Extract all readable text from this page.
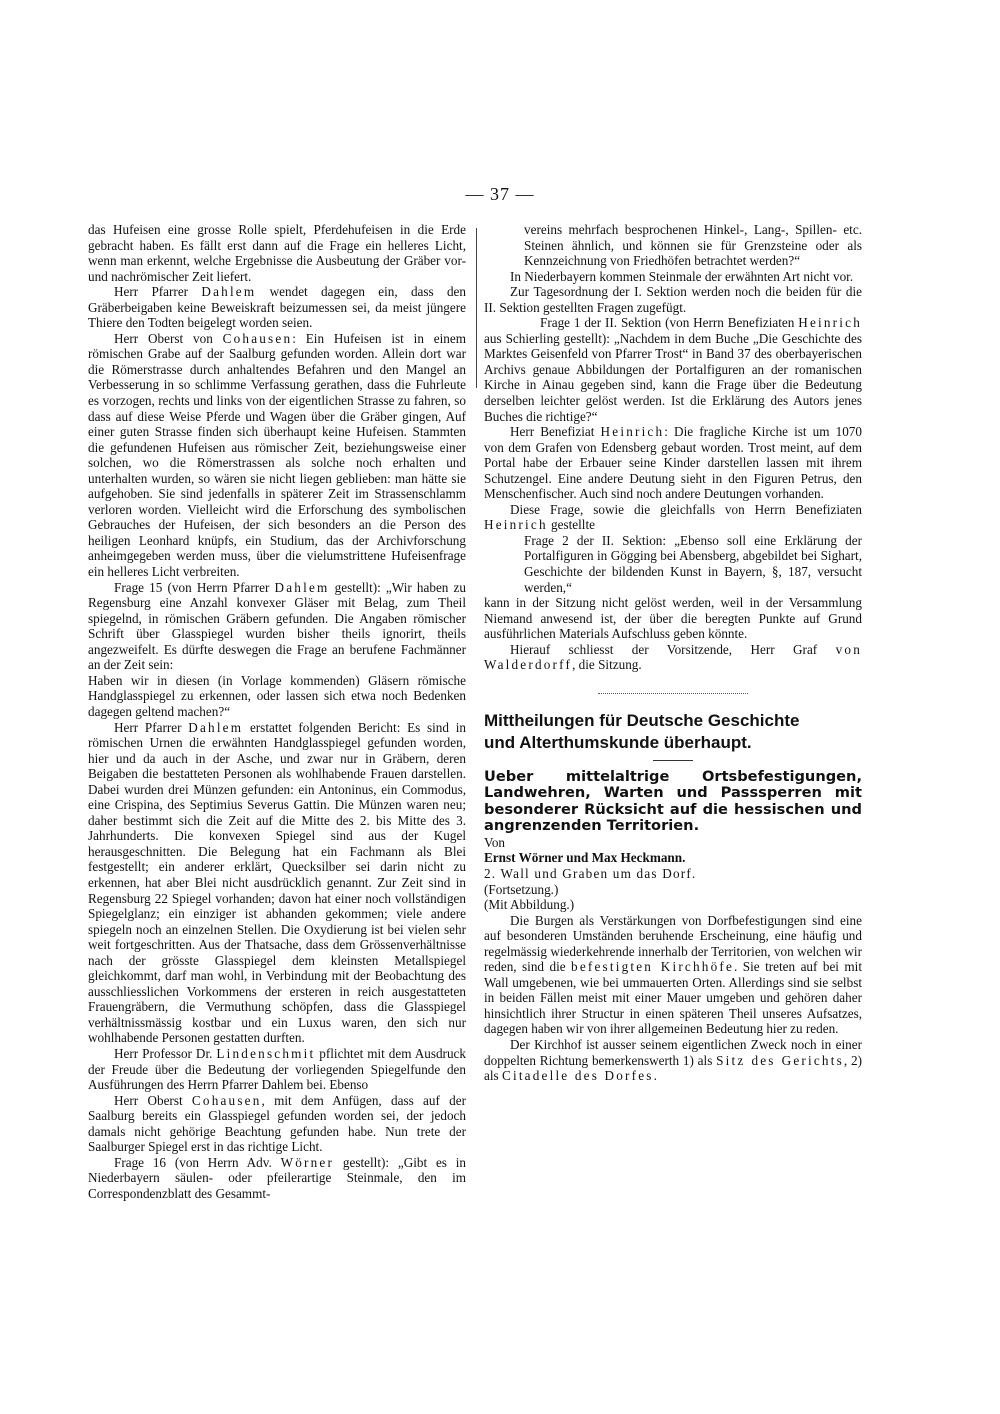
— 37 —

das Hufeisen eine grosse Rolle spielt, Pferdehufeisen in die Erde gebracht haben. Es fällt erst dann auf die Frage ein helleres Licht, wenn man erkennt, welche Ergebnisse die Ausbeutung der Gräber vor- und nachrömischer Zeit liefert.

Herr Pfarrer Dahlem wendet dagegen ein, dass den Gräberbeigaben keine Beweiskraft beizumessen sei, da meist jüngere Thiere den Todten beigelegt worden seien.

Herr Oberst von Cohausen: Ein Hufeisen ist in einem römischen Grabe auf der Saalburg gefunden worden. Allein dort war die Römerstrasse durch anhaltendes Befahren und den Mangel an Verbesserung in so schlimme Verfassung gerathen, dass die Fuhrleute es vorzogen, rechts und links von der eigentlichen Strasse zu fahren, so dass auf diese Weise Pferde und Wagen über die Gräber gingen, Auf einer guten Strasse finden sich überhaupt keine Hufeisen. Stammten die gefundenen Hufeisen aus römischer Zeit, beziehungsweise einer solchen, wo die Römerstrassen als solche noch erhalten und unterhalten wurden, so wären sie nicht liegen geblieben: man hätte sie aufgehoben. Sie sind jedenfalls in späterer Zeit im Strassenschlamm verloren worden. Vielleicht wird die Erforschung des symbolischen Gebrauches der Hufeisen, der sich besonders an die Person des heiligen Leonhard knüpfs, ein Studium, das der Archivforschung anheimgegeben werden muss, über die vielumstrittene Hufeisenfrage ein helleres Licht verbreiten.

Frage 15 (von Herrn Pfarrer Dahlem gestellt): „Wir haben zu Regensburg eine Anzahl konvexer Gläser mit Belag, zum Theil spiegelnd, in römischen Gräbern gefunden. Die Angaben römischer Schrift über Glasspiegel wurden bisher theils ignorirt, theils angezweifelt. Es dürfte deswegen die Frage an berufene Fachmänner an der Zeit sein:

Haben wir in diesen (in Vorlage kommenden) Gläsern römische Handglasspiegel zu erkennen, oder lassen sich etwa noch Bedenken dagegen geltend machen?“

Herr Pfarrer Dahlem erstattet folgenden Bericht: Es sind in römischen Urnen die erwähnten Handglasspiegel gefunden worden, hier und da auch in der Asche, und zwar nur in Gräbern, deren Beigaben die bestatteten Personen als wohlhabende Frauen darstellen. Dabei wurden drei Münzen gefunden: ein Antoninus, ein Commodus, eine Crispina, des Septimius Severus Gattin. Die Münzen waren neu; daher bestimmt sich die Zeit auf die Mitte des 2. bis Mitte des 3. Jahrhunderts. Die konvexen Spiegel sind aus der Kugel herausgeschnitten. Die Belegung hat ein Fachmann als Blei festgestellt; ein anderer erklärt, Quecksilber sei darin nicht zu erkennen, hat aber Blei nicht ausdrücklich genannt. Zur Zeit sind in Regensburg 22 Spiegel vorhanden; davon hat einer noch vollständigen Spiegelglanz; ein einziger ist abhanden gekommen; viele andere spiegeln noch an einzelnen Stellen. Die Oxydierung ist bei vielen sehr weit fortgeschritten. Aus der Thatsache, dass dem Grössenverhältnisse nach der grösste Glasspiegel dem kleinsten Metallspiegel gleichkommt, darf man wohl, in Verbindung mit der Beobachtung des ausschliesslichen Vorkommens der ersteren in reich ausgestatteten Frauengräbern, die Vermuthung schöpfen, dass die Glasspiegel verhältnissmässig kostbar und ein Luxus waren, den sich nur wohlhabende Personen gestatten durften.

Herr Professor Dr. Lindenschmit pflichtet mit dem Ausdruck der Freude über die Bedeutung der vorliegenden Spiegelfunde den Ausführungen des Herrn Pfarrer Dahlem bei. Ebenso

Herr Oberst Cohausen, mit dem Anfügen, dass auf der Saalburg bereits ein Glasspiegel gefunden worden sei, der jedoch damals nicht gehörige Beachtung gefunden habe. Nun trete der Saalburger Spiegel erst in das richtige Licht.

Frage 16 (von Herrn Adv. Wörner gestellt): „Gibt es in Niederbayern säulen- oder pfeilerartige Steinmale, den im Correspondenzblatt des Gesammt-

vereins mehrfach besprochenen Hinkel-, Lang-, Spillen- etc. Steinen ähnlich, und können sie für Grenzsteine oder als Kennzeichnung von Friedhöfen betrachtet werden?“

In Niederbayern kommen Steinmale der erwähnten Art nicht vor.

Zur Tagesordnung der I. Sektion werden noch die beiden für die II. Sektion gestellten Fragen zugefügt.

Frage 1 der II. Sektion (von Herrn Benefiziaten Heinrich aus Schierling gestellt): „Nachdem in dem Buche „Die Geschichte des Marktes Geisenfeld von Pfarrer Trost“ in Band 37 des oberbayerischen Archivs genaue Abbildungen der Portalfiguren an der romanischen Kirche in Ainau gegeben sind, kann die Frage über die Bedeutung derselben leichter gelöst werden. Ist die Erklärung des Autors jenes Buches die richtige?“

Herr Benefiziat Heinrich: Die fragliche Kirche ist um 1070 von dem Grafen von Edensberg gebaut worden. Trost meint, auf dem Portal habe der Erbauer seine Kinder darstellen lassen mit ihrem Schutzengel. Eine andere Deutung sieht in den Figuren Petrus, den Menschenfischer. Auch sind noch andere Deutungen vorhanden.

Diese Frage, sowie die gleichfalls von Herrn Benefiziaten Heinrich gestellte

Frage 2 der II. Sektion: „Ebenso soll eine Erklärung der Portalfiguren in Gögging bei Abensberg, abgebildet bei Sighart, Geschichte der bildenden Kunst in Bayern, §, 187, versucht werden,“

kann in der Sitzung nicht gelöst werden, weil in der Versammlung Niemand anwesend ist, der über die beregten Punkte auf Grund ausführlichen Materials Aufschluss geben könnte.

Hierauf schliesst der Vorsitzende, Herr Graf von Walderdorff, die Sitzung.

Mittheilungen für Deutsche Geschichte

und Alterthumskunde überhaupt.

Ueber mittelaltrige Ortsbefestigungen, Landwehren, Warten und Passsperren mit besonderer Rücksicht auf die hessischen und angrenzenden Territorien.

Von

Ernst Wörner und Max Heckmann.

2. Wall und Graben um das Dorf.

(Fortsetzung.)

(Mit Abbildung.)

Die Burgen als Verstärkungen von Dorfbefestigungen sind eine auf besonderen Umständen beruhende Erscheinung, eine häufig und regelmässig wiederkehrende innerhalb der Territorien, von welchen wir reden, sind die befestigten Kirchhöfe. Sie treten auf bei mit Wall umgebenen, wie bei ummauerten Orten. Allerdings sind sie selbst in beiden Fällen meist mit einer Mauer umgeben und gehören daher hinsichtlich ihrer Structur in einen späteren Theil unseres Aufsatzes, dagegen haben wir von ihrer allgemeinen Bedeutung hier zu reden.

Der Kirchhof ist ausser seinem eigentlichen Zweck noch in einer doppelten Richtung bemerkenswerth 1) als Sitz des Gerichts, 2) als Citadelle des Dorfes.
